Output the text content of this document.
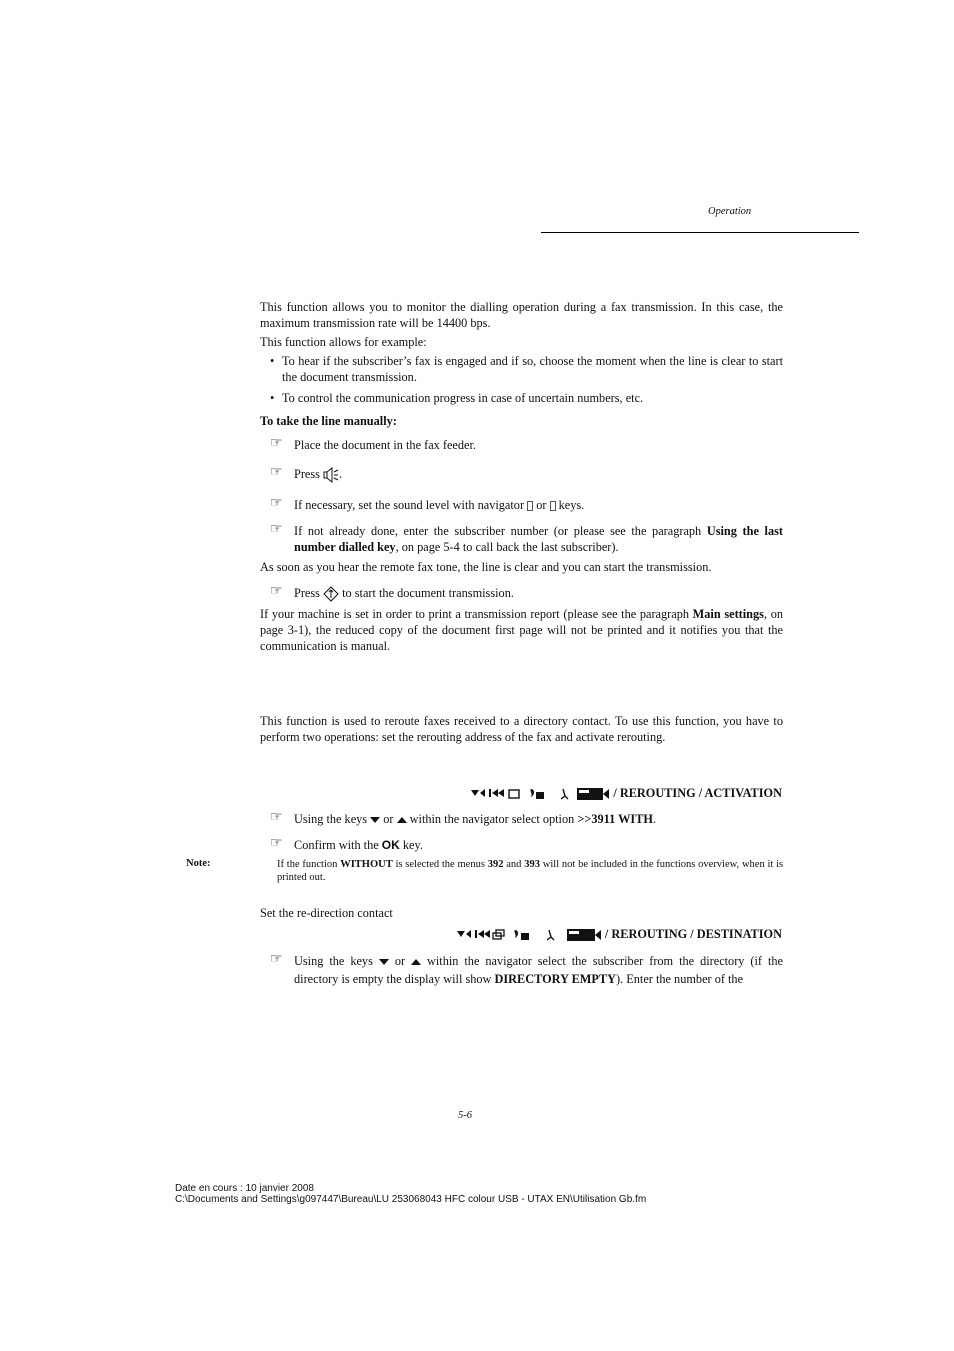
Operation
This function allows you to monitor the dialling operation during a fax transmission. In this case, the maximum transmission rate will be 14400 bps.
This function allows for example:
• To hear if the subscriber’s fax is engaged and if so, choose the moment when the line is clear to start the document transmission.
• To control the communication progress in case of uncertain numbers, etc.
To take the line manually:
☞ Place the document in the fax feeder.
☞ Press .
☞ If necessary, set the sound level with navigator or keys.
☞ If not already done, enter the subscriber number (or please see the paragraph Using the last number dialled key, on page 5-4 to call back the last subscriber).
As soon as you hear the remote fax tone, the line is clear and you can start the transmission.
☞ Press to start the document transmission.
If your machine is set in order to print a transmission report (please see the paragraph Main settings, on page 3-1), the reduced copy of the document first page will not be printed and it notifies you that the communication is manual.
This function is used to reroute faxes received to a directory contact. To use this function, you have to perform two operations: set the rerouting address of the fax and activate rerouting.
/ REROUTING / ACTIVATION
☞ Using the keys or within the navigator select option >>3911 WITH.
☞ Confirm with the OK key.
Note:	If the function WITHOUT is selected the menus 392 and 393 will not be included in the functions overview, when it is printed out.
Set the re-direction contact
/ REROUTING / DESTINATION
☞ Using the keys or within the navigator select the subscriber from the directory (if the directory is empty the display will show DIRECTORY EMPTY). Enter the number of the
5-6
Date en cours : 10 janvier 2008
C:\Documents and Settings\g097447\Bureau\LU 253068043 HFC colour USB - UTAX EN\Utilisation Gb.fm
